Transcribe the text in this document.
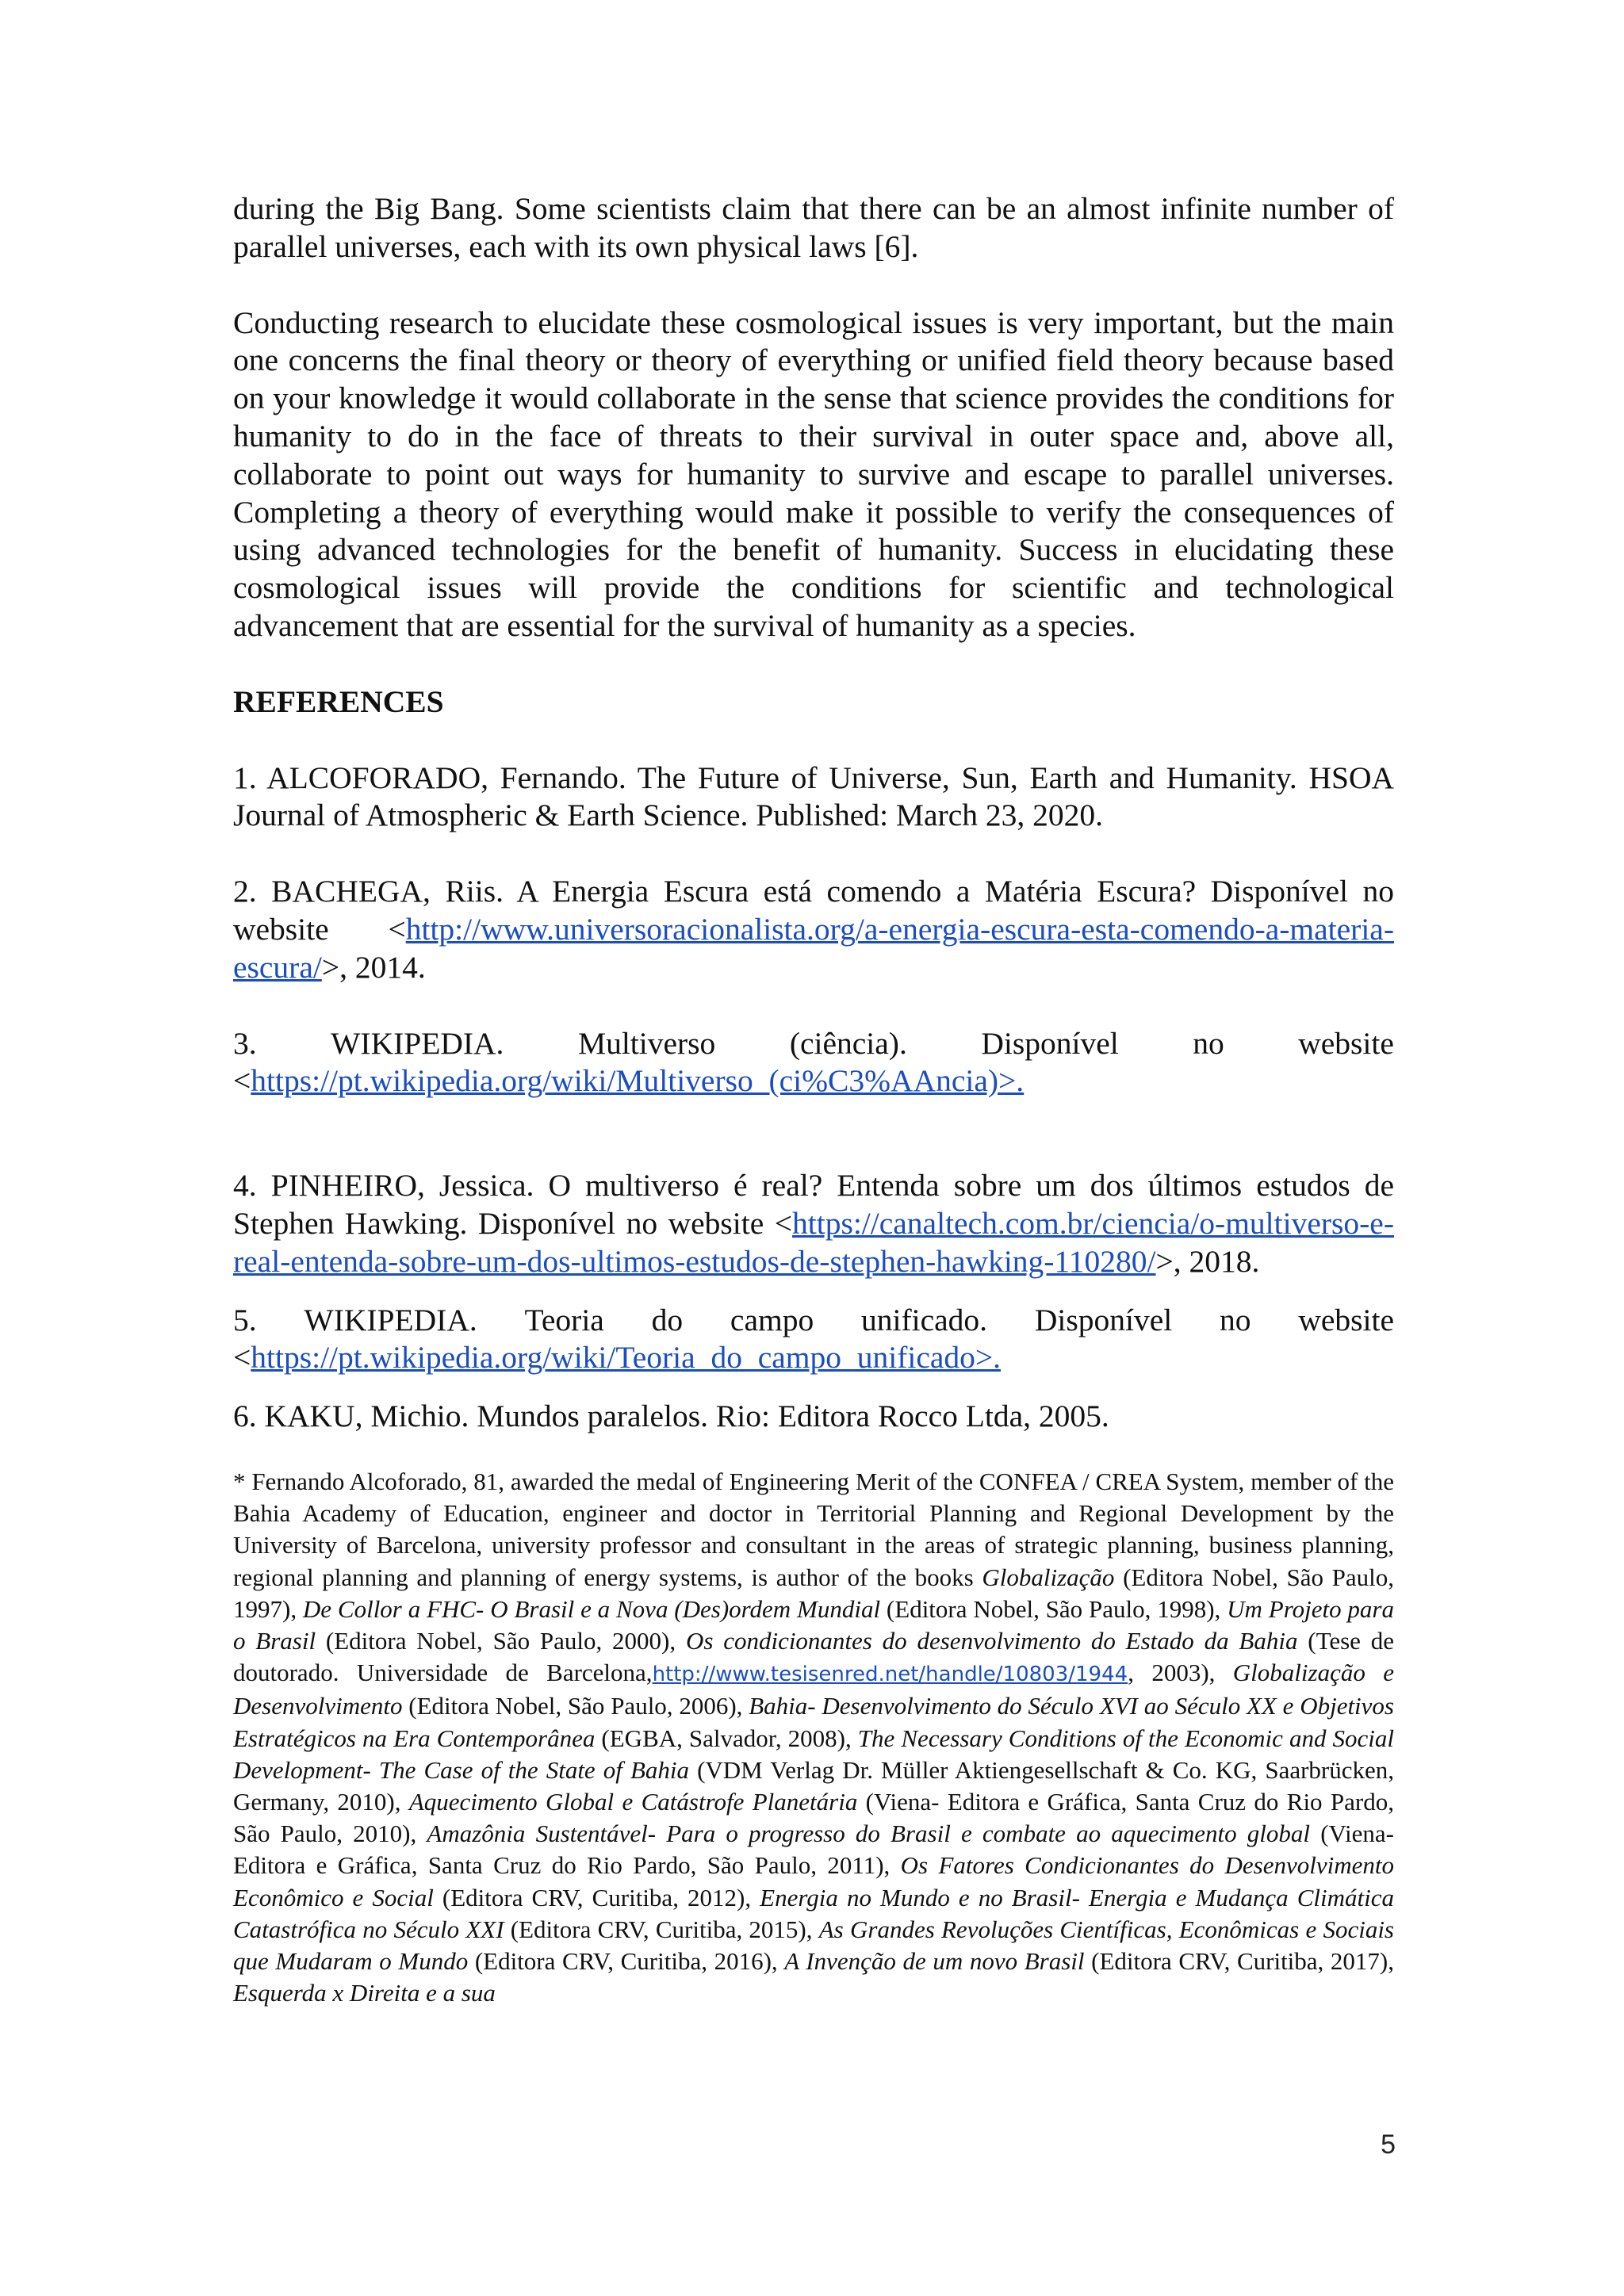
during the Big Bang. Some scientists claim that there can be an almost infinite number of parallel universes, each with its own physical laws [6].

Conducting research to elucidate these cosmological issues is very important, but the main one concerns the final theory or theory of everything or unified field theory because based on your knowledge it would collaborate in the sense that science provides the conditions for humanity to do in the face of threats to their survival in outer space and, above all, collaborate to point out ways for humanity to survive and escape to parallel universes. Completing a theory of everything would make it possible to verify the consequences of using advanced technologies for the benefit of humanity. Success in elucidating these cosmological issues will provide the conditions for scientific and technological advancement that are essential for the survival of humanity as a species.

REFERENCES

1. ALCOFORADO, Fernando. The Future of Universe, Sun, Earth and Humanity. HSOA Journal of Atmospheric & Earth Science. Published: March 23, 2020.

2. BACHEGA, Riis. A Energia Escura está comendo a Matéria Escura? Disponível no website <http://www.universoracionalista.org/a-energia-escura-esta-comendo-a-materia-escura/>, 2014.

3. WIKIPEDIA. Multiverso (ciência). Disponível no website
<https://pt.wikipedia.org/wiki/Multiverso_(ci%C3%AAncia)>.

4. PINHEIRO, Jessica. O multiverso é real? Entenda sobre um dos últimos estudos de Stephen Hawking. Disponível no website <https://canaltech.com.br/ciencia/o-multiverso-e-real-entenda-sobre-um-dos-ultimos-estudos-de-stephen-hawking-110280/>, 2018.

5. WIKIPEDIA. Teoria do campo unificado. Disponível no website
<https://pt.wikipedia.org/wiki/Teoria_do_campo_unificado>.

6. KAKU, Michio. Mundos paralelos. Rio: Editora Rocco Ltda, 2005.

* Fernando Alcoforado, 81, awarded the medal of Engineering Merit of the CONFEA / CREA System, member of the Bahia Academy of Education, engineer and doctor in Territorial Planning and Regional Development by the University of Barcelona, university professor and consultant in the areas of strategic planning, business planning, regional planning and planning of energy systems, is author of the books Globalização (Editora Nobel, São Paulo, 1997), De Collor a FHC- O Brasil e a Nova (Des)ordem Mundial (Editora Nobel, São Paulo, 1998), Um Projeto para o Brasil (Editora Nobel, São Paulo, 2000), Os condicionantes do desenvolvimento do Estado da Bahia (Tese de doutorado. Universidade de Barcelona,http://www.tesisenred.net/handle/10803/1944, 2003), Globalização e Desenvolvimento (Editora Nobel, São Paulo, 2006), Bahia- Desenvolvimento do Século XVI ao Século XX e Objetivos Estratégicos na Era Contemporânea (EGBA, Salvador, 2008), The Necessary Conditions of the Economic and Social Development- The Case of the State of Bahia (VDM Verlag Dr. Müller Aktiengesellschaft & Co. KG, Saarbrücken, Germany, 2010), Aquecimento Global e Catástrofe Planetária (Viena- Editora e Gráfica, Santa Cruz do Rio Pardo, São Paulo, 2010), Amazônia Sustentável- Para o progresso do Brasil e combate ao aquecimento global (Viena- Editora e Gráfica, Santa Cruz do Rio Pardo, São Paulo, 2011), Os Fatores Condicionantes do Desenvolvimento Econômico e Social (Editora CRV, Curitiba, 2012), Energia no Mundo e no Brasil- Energia e Mudança Climática Catastrófica no Século XXI (Editora CRV, Curitiba, 2015), As Grandes Revoluções Científicas, Econômicas e Sociais que Mudaram o Mundo (Editora CRV, Curitiba, 2016), A Invenção de um novo Brasil (Editora CRV, Curitiba, 2017), Esquerda x Direita e a sua

5
